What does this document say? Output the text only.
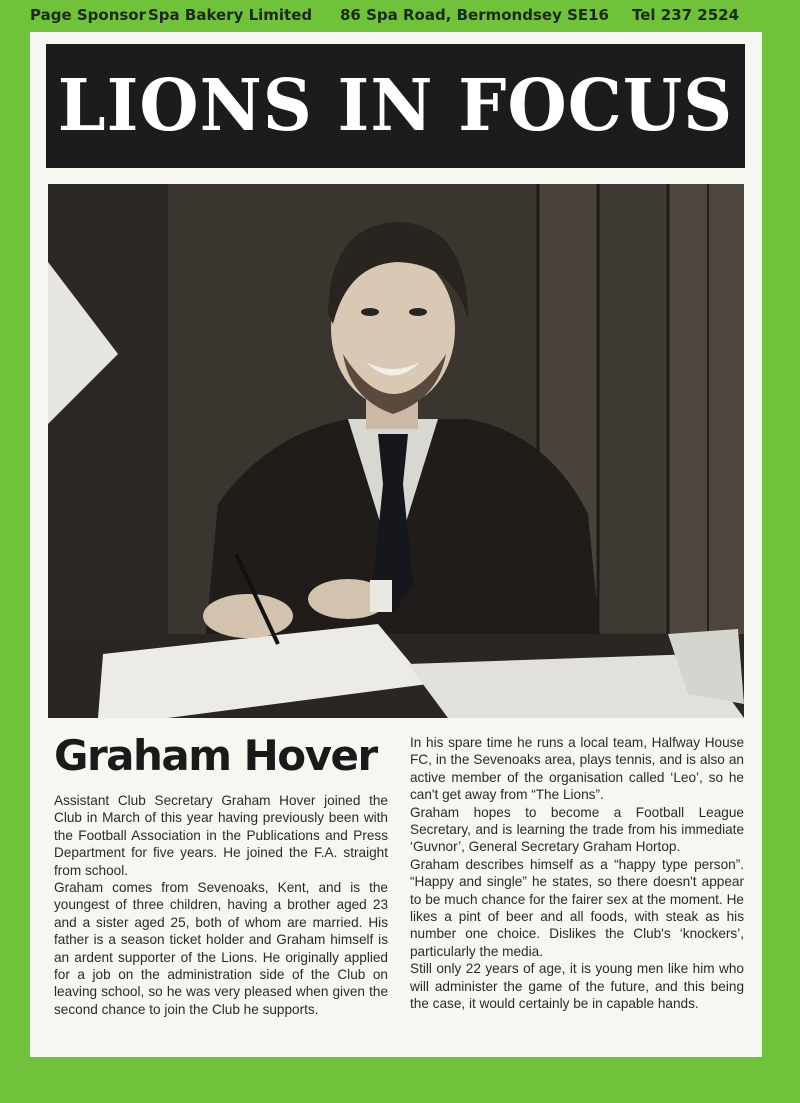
Page Sponsor Spa Bakery Limited 86 Spa Road, Bermondsey SE16 Tel 237 2524
LIONS IN FOCUS
Graham Hover

Assistant Club Secretary Graham Hover joined the Club in March of this year having previously been with the Football Association in the Publications and Press Department for five years. He joined the F.A. straight from school.

Graham comes from Sevenoaks, Kent, and is the youngest of three children, having a brother aged 23 and a sister aged 25, both of whom are married. His father is a season ticket holder and Graham himself is an ardent supporter of the Lions. He originally applied for a job on the administration side of the Club on leaving school, so he was very pleased when given the second chance to join the Club he supports.

In his spare time he runs a local team, Halfway House FC, in the Sevenoaks area, plays tennis, and is also an active member of the organisation called ‘Leo’, so he can't get away from “The Lions”.

Graham hopes to become a Football League Secretary, and is learning the trade from his immediate ‘Guvnor’, General Secretary Graham Hortop.

Graham describes himself as a “happy type person”. “Happy and single” he states, so there doesn't appear to be much chance for the fairer sex at the moment. He likes a pint of beer and all foods, with steak as his number one choice. Dislikes the Club's ‘knockers’, particularly the media.

Still only 22 years of age, it is young men like him who will administer the game of the future, and this being the case, it would certainly be in capable hands.
